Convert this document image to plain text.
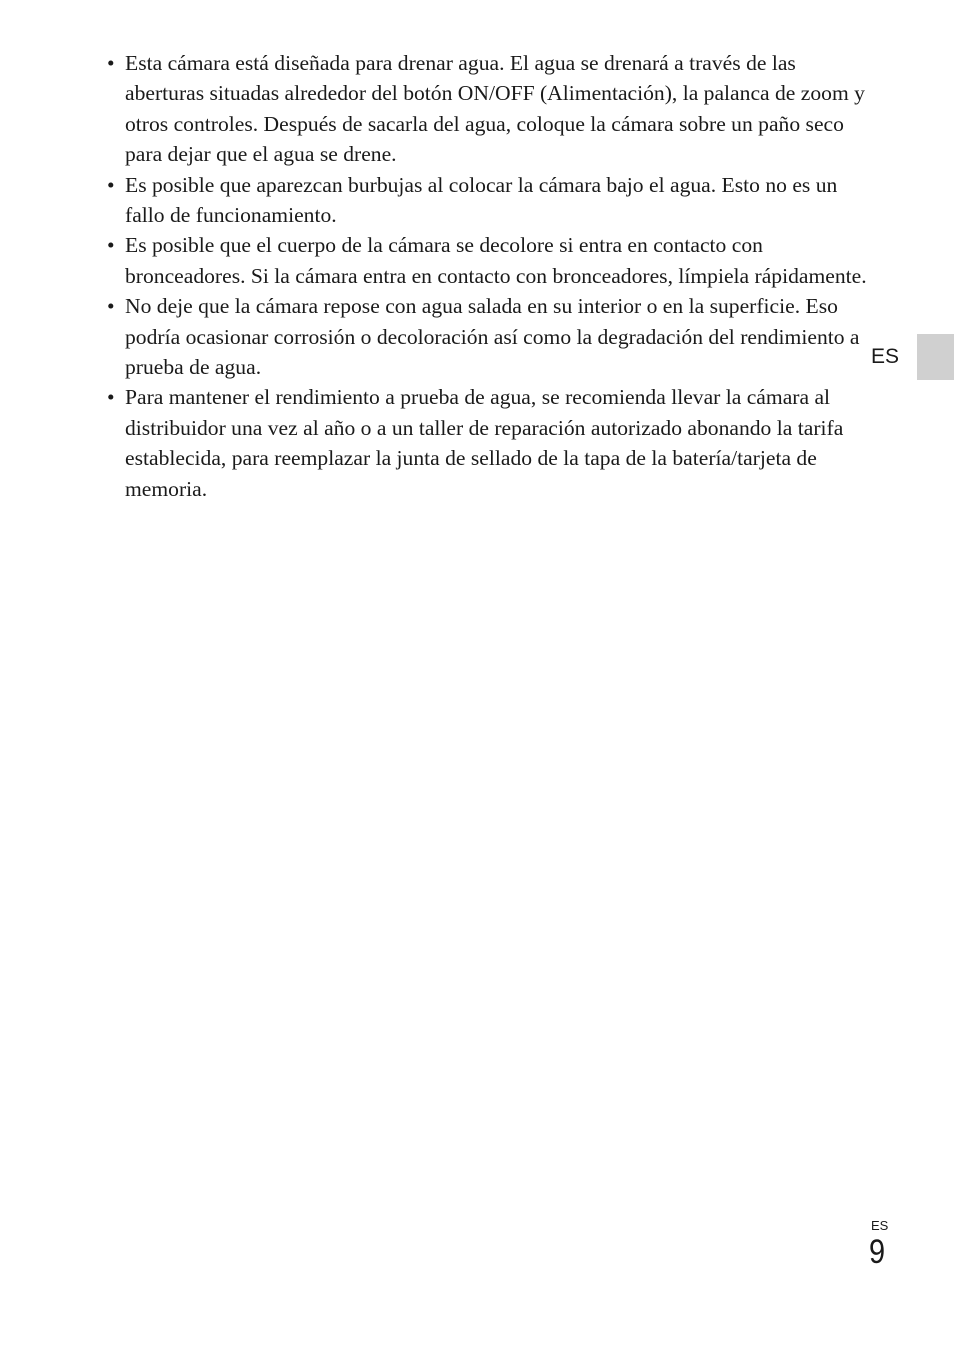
• Esta cámara está diseñada para drenar agua. El agua se drenará a través de las aberturas situadas alrededor del botón ON/OFF (Alimentación), la palanca de zoom y otros controles. Después de sacarla del agua, coloque la cámara sobre un paño seco para dejar que el agua se drene.
• Es posible que aparezcan burbujas al colocar la cámara bajo el agua. Esto no es un fallo de funcionamiento.
• Es posible que el cuerpo de la cámara se decolore si entra en contacto con bronceadores. Si la cámara entra en contacto con bronceadores, límpiela rápidamente.
• No deje que la cámara repose con agua salada en su interior o en la superficie. Eso podría ocasionar corrosión o decoloración así como la degradación del rendimiento a prueba de agua.
• Para mantener el rendimiento a prueba de agua, se recomienda llevar la cámara al distribuidor una vez al año o a un taller de reparación autorizado abonando la tarifa establecida, para reemplazar la junta de sellado de la tapa de la batería/tarjeta de memoria.
ES
ES
9
